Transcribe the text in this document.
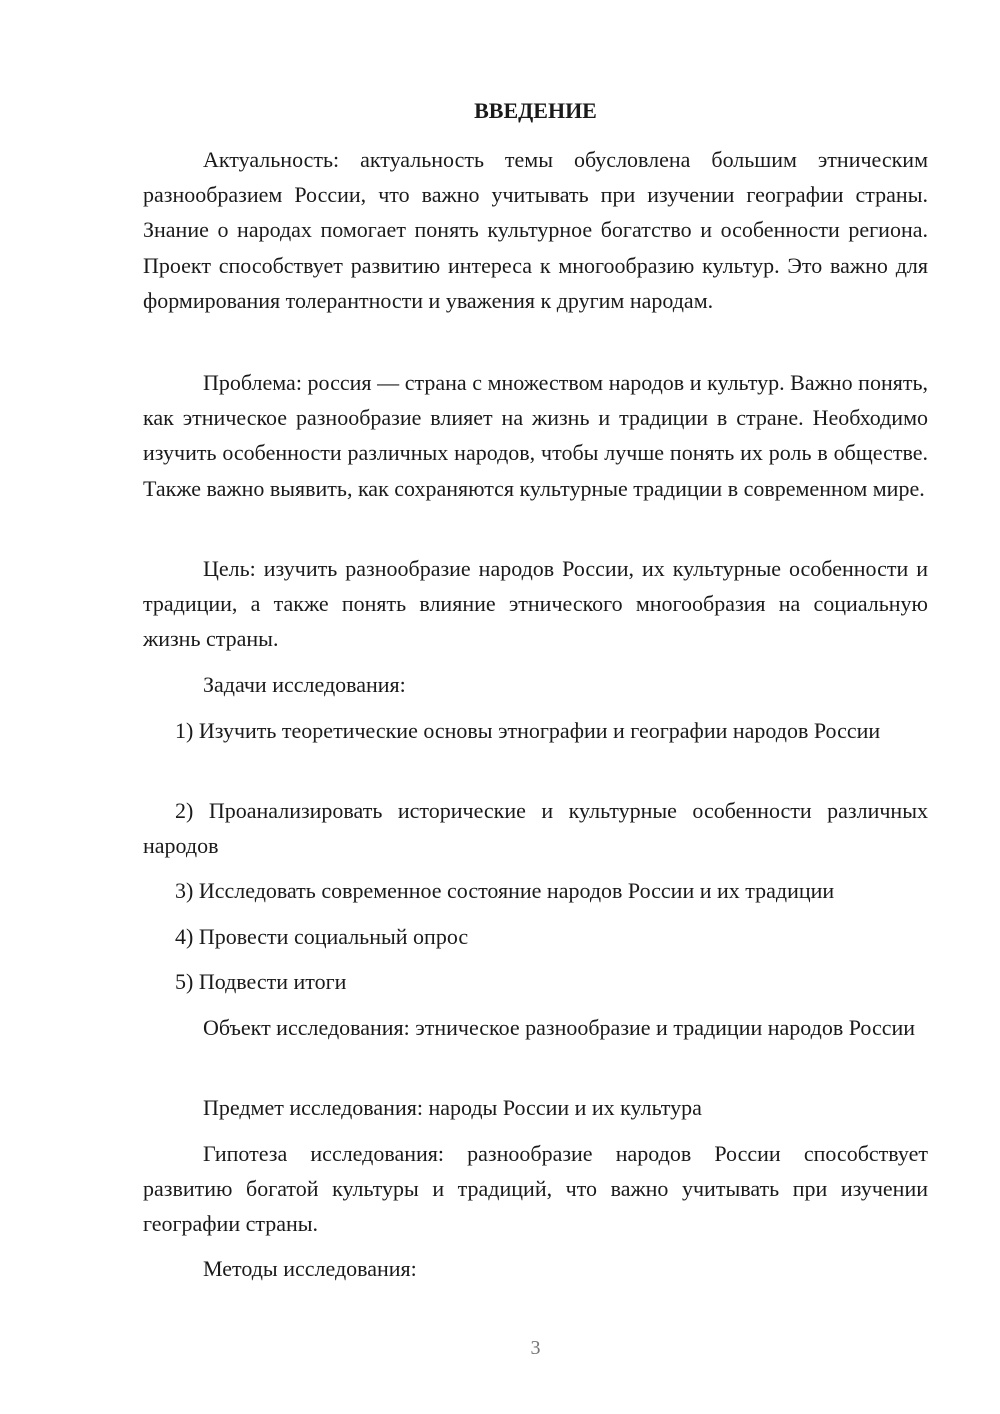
ВВЕДЕНИЕ

Актуальность: актуальность темы обусловлена большим этническим разнообразием России, что важно учитывать при изучении географии страны. Знание о народах помогает понять культурное богатство и особенности региона. Проект способствует развитию интереса к многообразию культур. Это важно для формирования толерантности и уважения к другим народам.

Проблема: россия — страна с множеством народов и культур. Важно понять, как этническое разнообразие влияет на жизнь и традиции в стране. Необходимо изучить особенности различных народов, чтобы лучше понять их роль в обществе. Также важно выявить, как сохраняются культурные традиции в современном мире.

Цель: изучить разнообразие народов России, их культурные особенности и традиции, а также понять влияние этнического многообразия на социальную жизнь страны.

Задачи исследования:

1) Изучить теоретические основы этнографии и географии народов России

2) Проанализировать исторические и культурные особенности различных народов

3) Исследовать современное состояние народов России и их традиции

4) Провести социальный опрос

5) Подвести итоги

Объект исследования: этническое разнообразие и традиции народов России

Предмет исследования: народы России и их культура

Гипотеза исследования: разнообразие народов России способствует развитию богатой культуры и традиций, что важно учитывать при изучении географии страны.

Методы исследования:

3
